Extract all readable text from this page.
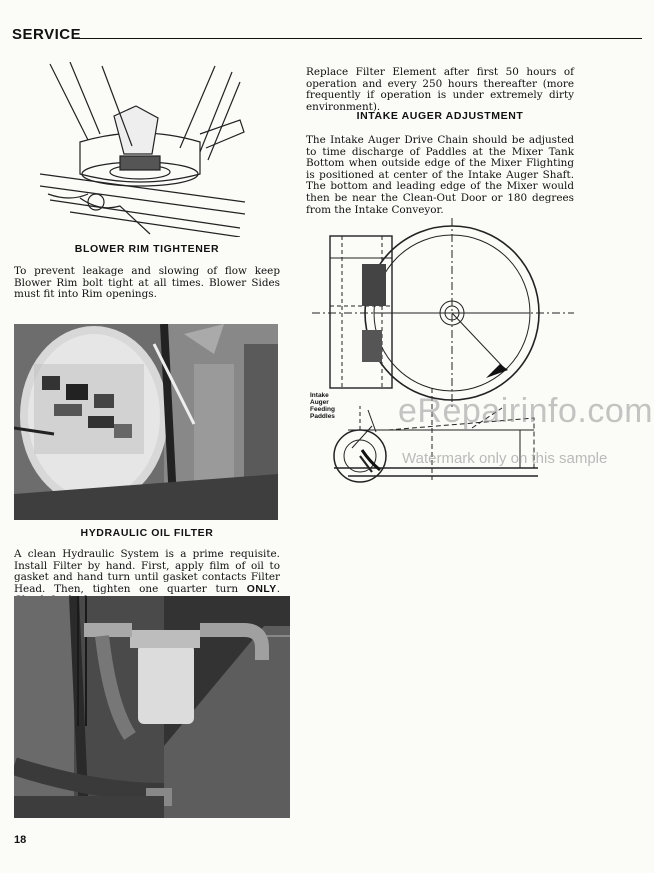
SERVICE
BLOWER RIM TIGHTENER
To prevent leakage and slowing of flow keep Blower Rim bolt tight at all times. Blower Sides must fit into Rim openings.
HYDRAULIC OIL FILTER
A clean Hydraulic System is a prime requisite. Install Filter by hand. First, apply film of oil to gasket and hand turn until gasket contacts Filter Head. Then, tighten one quarter turn ONLY.
Replace Filter Element after first 50 hours of operation and every 250 hours thereafter (more frequently if operation is under extremely dirty environment).
INTAKE AUGER ADJUSTMENT
The Intake Auger Drive Chain should be adjusted to time discharge of Paddles at the Mixer Tank Bottom when outside edge of the Mixer Flighting is positioned at center of the Intake Auger Shaft. The bottom and leading edge of the Mixer would then be near the Clean-Out Door or 180 degrees from the Intake Conveyor.
Intake
Auger
Feeding
Paddles	eRepairinfo.com
Watermark only on this sample
18
